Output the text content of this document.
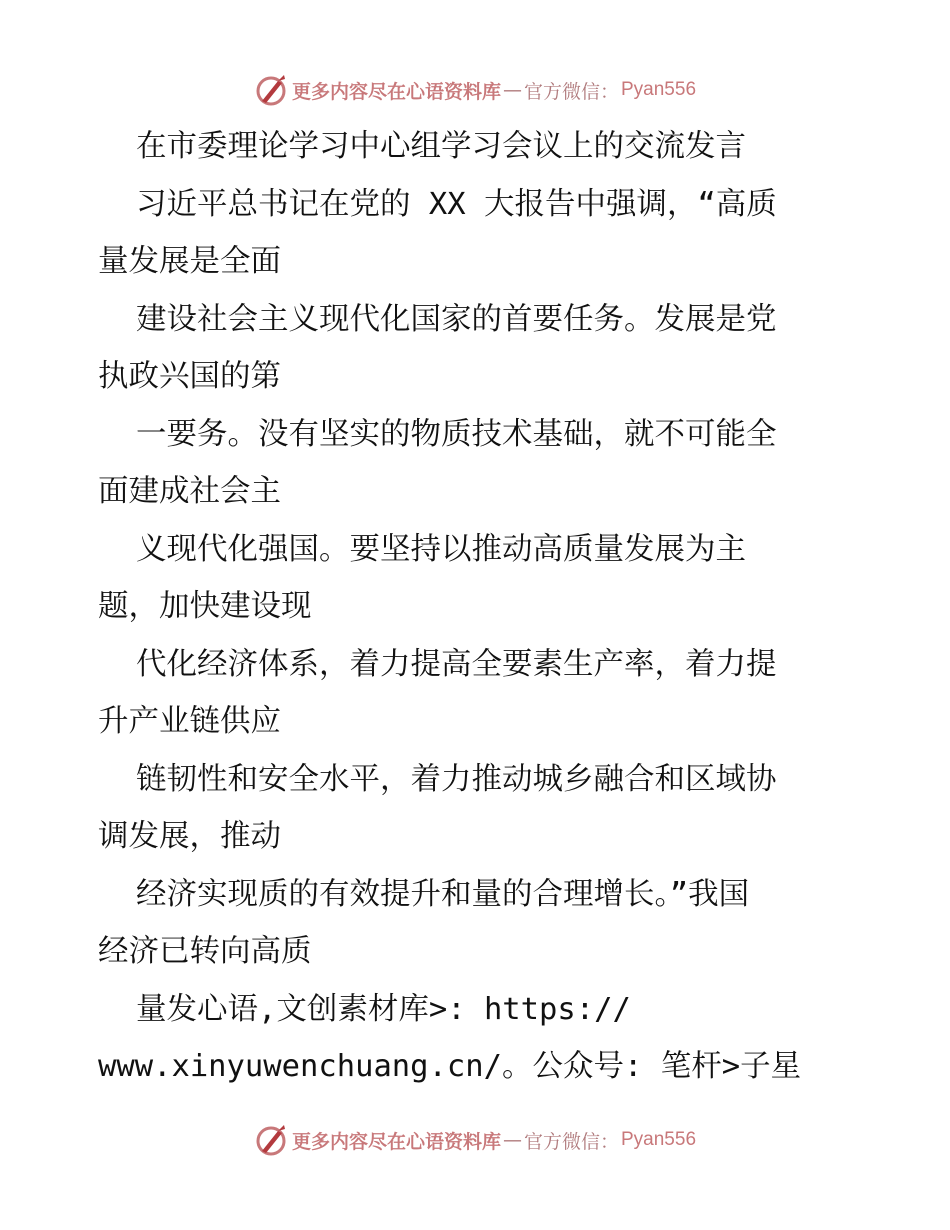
更多内容尽在心语资料库 — 官方微信： Pyan556
在市委理论学习中心组学习会议上的交流发言
习近平总书记在党的 XX 大报告中强调，“高质
量发展是全面
建设社会主义现代化国家的首要任务。发展是党
执政兴国的第
一要务。没有坚实的物质技术基础，就不可能全
面建成社会主
义现代化强国。要坚持以推动高质量发展为主
题，加快建设现
代化经济体系，着力提高全要素生产率，着力提
升产业链供应
链韧性和安全水平，着力推动城乡融合和区域协
调发展，推动
经济实现质的有效提升和量的合理增长。”我国
经济已转向高质
量发心语,文创素材库>: https://
www.xinyuwenchuang.cn/。公众号: 笔杆>子星
更多内容尽在心语资料库 — 官方微信： Pyan556
